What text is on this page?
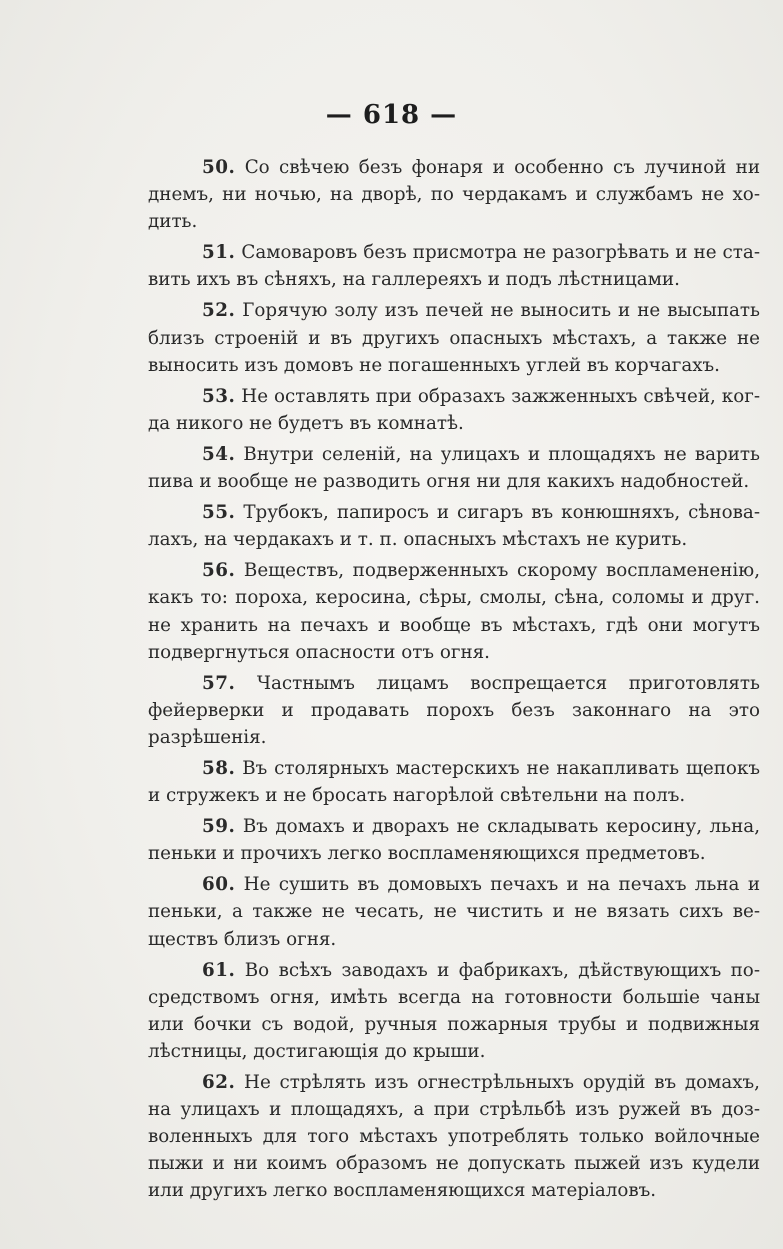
— 618 —

50. Со свѣчею безъ фонаря и особенно съ лучиной ни днемъ, ни ночью, на дворѣ, по чердакамъ и службамъ не ходить.

51. Самоваровъ безъ присмотра не разогрѣвать и не ставить ихъ въ сѣняхъ, на галлереяхъ и подъ лѣстницами.

52. Горячую золу изъ печей не выносить и не высыпать близъ строеній и въ другихъ опасныхъ мѣстахъ, а также не выносить изъ домовъ не погашенныхъ углей въ корчагахъ.

53. Не оставлять при образахъ зажженныхъ свѣчей, когда никого не будетъ въ комнатѣ.

54. Внутри селеній, на улицахъ и площадяхъ не варить пива и вообще не разводить огня ни для какихъ надобностей.

55. Трубокъ, папиросъ и сигаръ въ конюшняхъ, сѣновалахъ, на чердакахъ и т. п. опасныхъ мѣстахъ не курить.

56. Веществъ, подверженныхъ скорому воспламененію, какъ то: пороха, керосина, сѣры, смолы, сѣна, соломы и друг. не хранить на печахъ и вообще въ мѣстахъ, гдѣ они могутъ подвергнуться опасности отъ огня.

57. Частнымъ лицамъ воспрещается приготовлять фейерверки и продавать порохъ безъ законнаго на это разрѣшенія.

58. Въ столярныхъ мастерскихъ не накапливать щепокъ и стружекъ и не бросать нагорѣлой свѣтельни на полъ.

59. Въ домахъ и дворахъ не складывать керосину, льна, пеньки и прочихъ легко воспламеняющихся предметовъ.

60. Не сушить въ домовыхъ печахъ и на печахъ льна и пеньки, а также не чесать, не чистить и не вязать сихъ веществъ близъ огня.

61. Во всѣхъ заводахъ и фабрикахъ, дѣйствующихъ посредствомъ огня, имѣть всегда на готовности большіе чаны или бочки съ водой, ручныя пожарныя трубы и подвижныя лѣстницы, достигающія до крыши.

62. Не стрѣлять изъ огнестрѣльныхъ орудій въ домахъ, на улицахъ и площадяхъ, а при стрѣльбѣ изъ ружей въ дозволенныхъ для того мѣстахъ употреблять только войлочные пыжи и ни коимъ образомъ не допускать пыжей изъ кудели или другихъ легко воспламеняющихся матеріаловъ.
